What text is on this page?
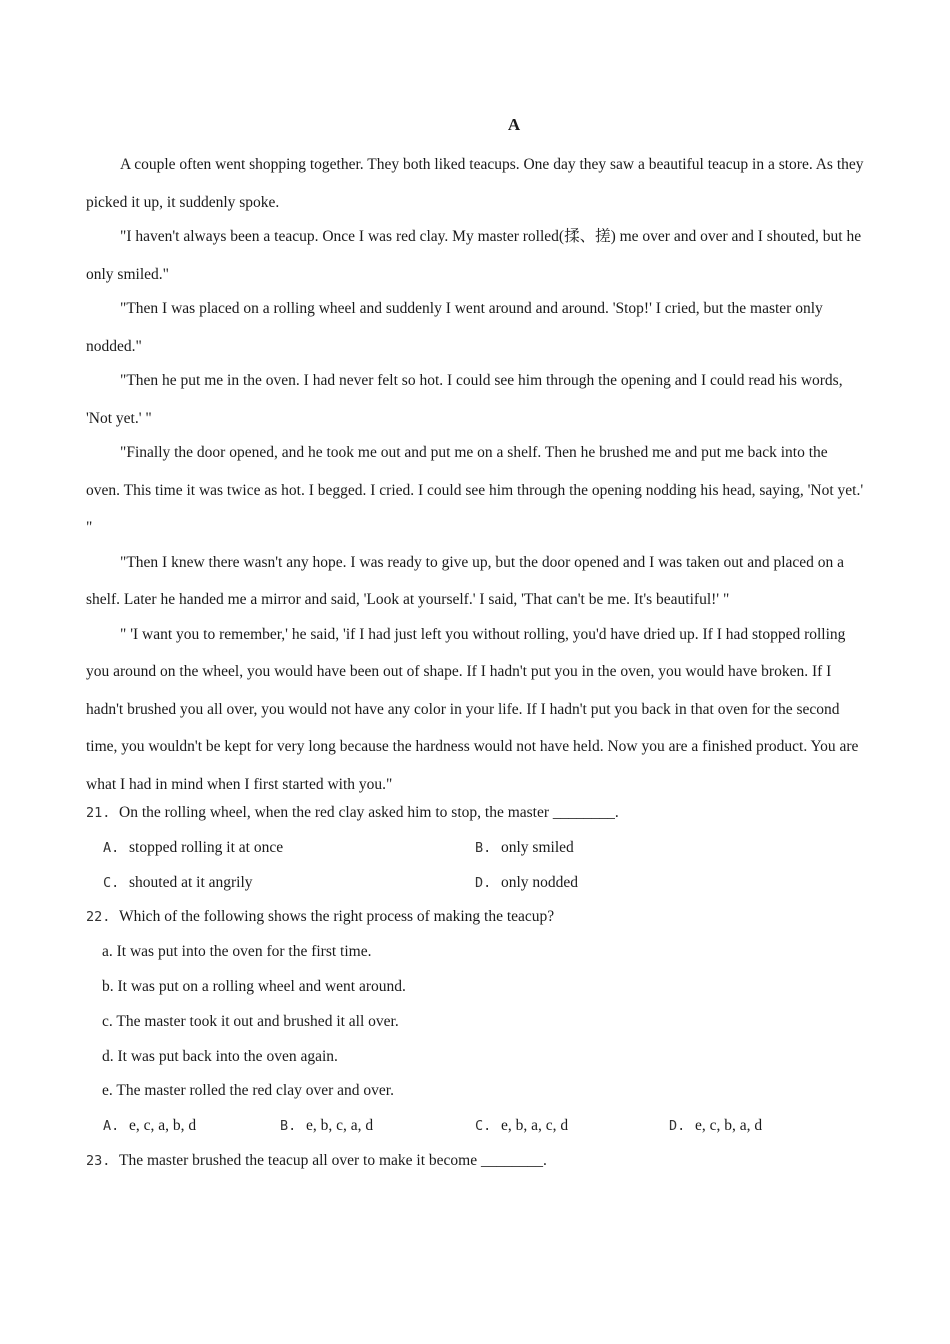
A

A couple often went shopping together. They both liked teacups. One day they saw a beautiful teacup in a store. As they picked it up, it suddenly spoke.

"I haven't always been a teacup. Once I was red clay. My master rolled(揉、搓) me over and over and I shouted, but he only smiled."

"Then I was placed on a rolling wheel and suddenly I went around and around. 'Stop!' I cried, but the master only nodded."

"Then he put me in the oven. I had never felt so hot. I could see him through the opening and I could read his words, 'Not yet.' "

"Finally the door opened, and he took me out and put me on a shelf. Then he brushed me and put me back into the oven. This time it was twice as hot. I begged. I cried. I could see him through the opening nodding his head, saying, 'Not yet.' "

"Then I knew there wasn't any hope. I was ready to give up, but the door opened and I was taken out and placed on a shelf. Later he handed me a mirror and said, 'Look at yourself.' I said, 'That can't be me. It's beautiful!' "

" 'I want you to remember,' he said, 'if I had just left you without rolling, you'd have dried up. If I had stopped rolling you around on the wheel, you would have been out of shape. If I hadn't put you in the oven, you would have broken. If I hadn't brushed you all over, you would not have any color in your life. If I hadn't put you back in that oven for the second time, you wouldn't be kept for very long because the hardness would not have held. Now you are a finished product. You are what I had in mind when I first started with you."

21. On the rolling wheel, when the red clay asked him to stop, the master ________.
A. stopped rolling it at once	B. only smiled
C. shouted at it angrily	D. only nodded
22. Which of the following shows the right process of making the teacup?
a. It was put into the oven for the first time.
b. It was put on a rolling wheel and went around.
c. The master took it out and brushed it all over.
d. It was put back into the oven again.
e. The master rolled the red clay over and over.
A. e, c, a, b, d	B. e, b, c, a, d	C. e, b, a, c, d	D. e, c, b, a, d
23. The master brushed the teacup all over to make it become ________.
